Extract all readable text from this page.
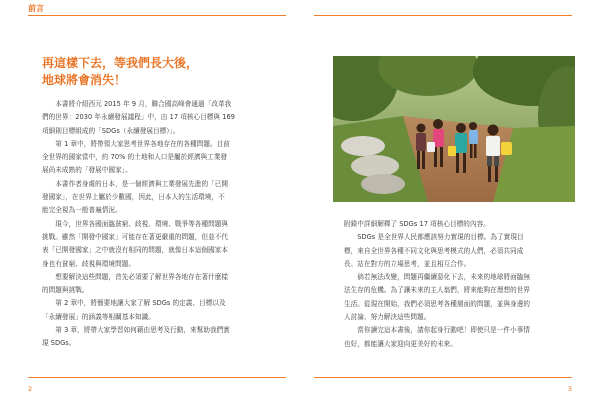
前言

再這樣下去，等我們長大後，

地球將會消失！

　　本書將介紹西元 2015 年 9 月，聯合國高峰會通過「改革我

們的世界：2030 年永續發展議程」中，由 17 項核心目標與 169

項細則目標組成的「SDGs（永續發展目標）」。

　　第 1 章中，將帶領大家思考世界各地存在的各種問題。目前

全世界的國家當中，約 70% 的土地和人口是屬於經濟與工業發

展尚未成熟的「發展中國家」。

　　本書作者身處的日本，是一個經濟與工業發展先進的「已開

發國家」，在世界上屬於少數國，因此，日本人的生活環境，不

能完全視為一般普遍情況。

　　現今，世界各國面臨貧窮、歧視、環境、戰爭等各種問題與

挑戰。雖然「開發中國家」可能存在著更嚴重的問題，但並不代

表「已開發國家」之中就沒有相同的問題，就像日本這個國家本

身也有貧窮、歧視與環境問題。

　　想要解決這些問題，首先必須要了解世界各地存在著什麼樣

的問題與挑戰。

　　第 2 章中，將簡要地讓大家了解 SDGs 的定義、目標以及

「永續發展」的涵義等相關基本知識。

　　第 3 章，將帶大家學習如何藉由思考及行動，來幫助我們實

現 SDGs。

2

附錄中詳細解釋了 SDGs 17 項核心目標的內容。

　　SDGs 是全世界人民都應該努力實現的目標。為了實現目

標，來自全世界各種不同文化與思考模式的人們，必須共同成

長、站在對方的立場思考，並且相互合作。

　　倘若無法改變，問題再繼續惡化下去，未來的地球將面臨無

法生存的危機。為了讓未來的主人翁們，將來能夠在理想的世界

生活。從現在開始，我們必須思考各種層面的問題，並與身邊的

人討論、努力解決這些問題。

　　當你讀完這本書後，請你起身行動吧！即使只是一件小事情

也好，都能讓大家迎向更美好的未來。

3
